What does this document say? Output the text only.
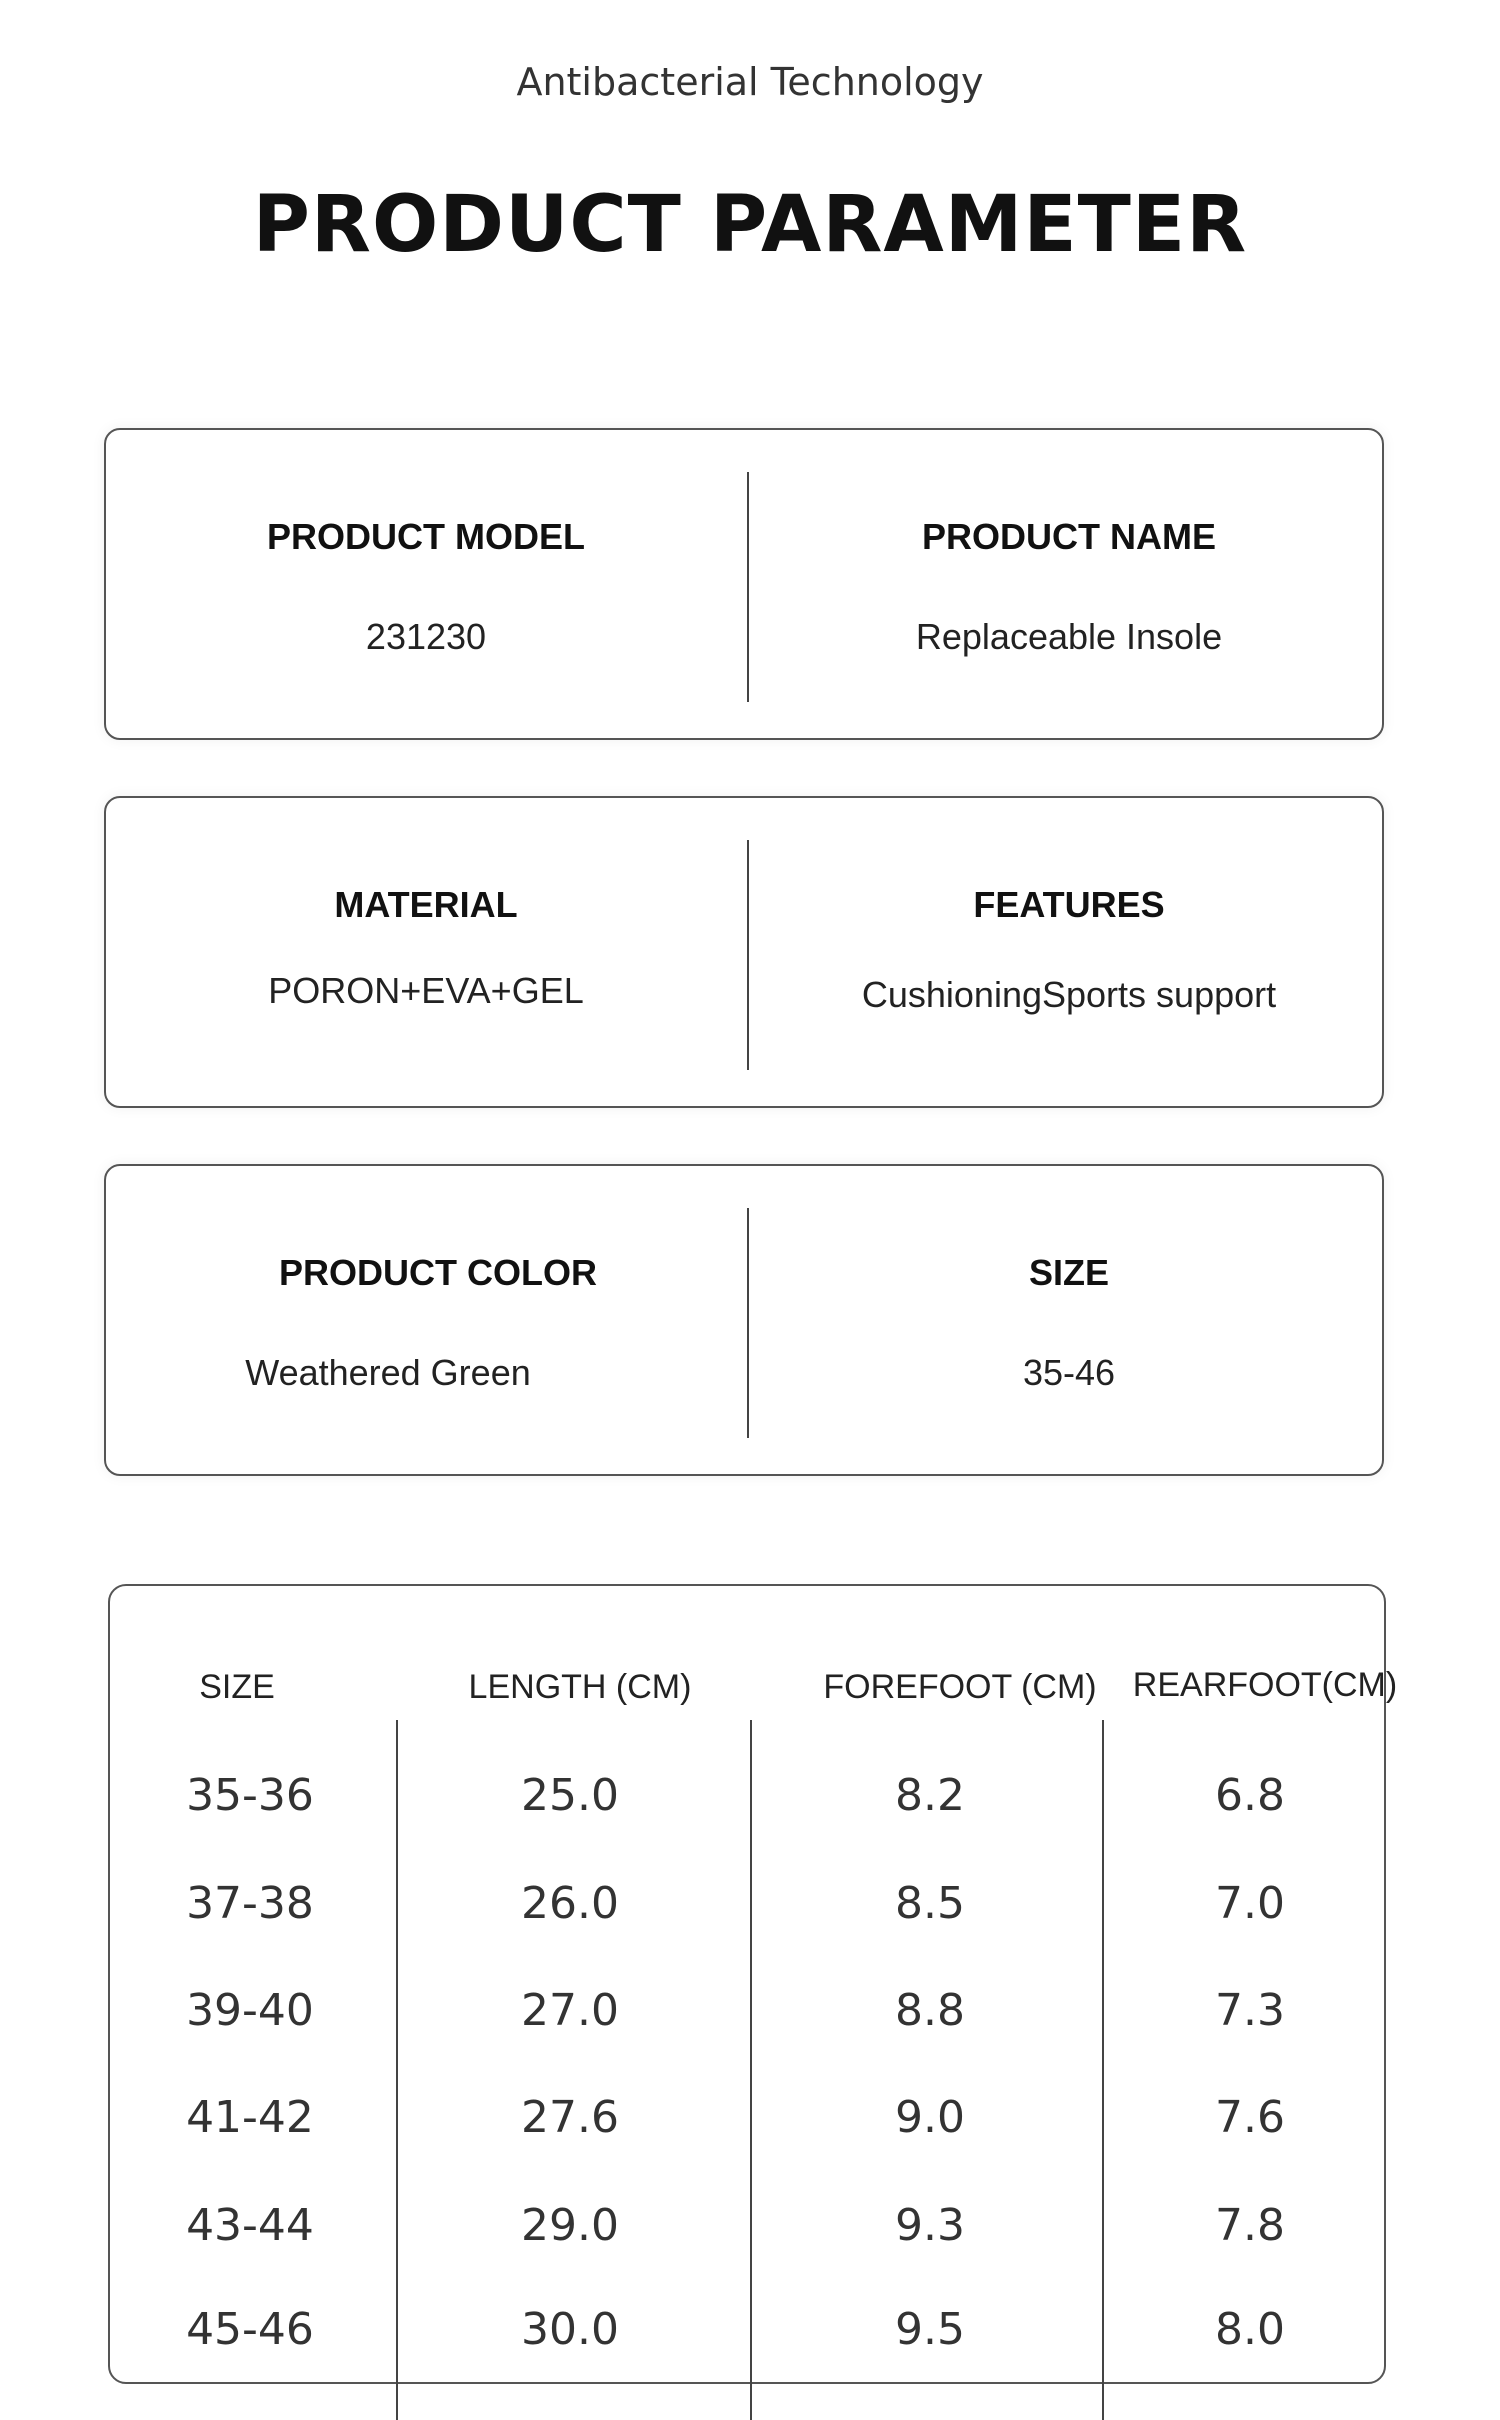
Antibacterial Technology
PRODUCT PARAMETER
PRODUCT MODEL
231230
PRODUCT NAME
Replaceable Insole
MATERIAL
PORON+EVA+GEL
FEATURES
CushioningSports support
PRODUCT COLOR
Weathered Green
SIZE
35-46
SIZE	LENGTH (CM)	FOREFOOT (CM)	REARFOOT(CM)
35-36	25.0	8.2	6.8
37-38	26.0	8.5	7.0
39-40	27.0	8.8	7.3
41-42	27.6	9.0	7.6
43-44	29.0	9.3	7.8
45-46	30.0	9.5	8.0
